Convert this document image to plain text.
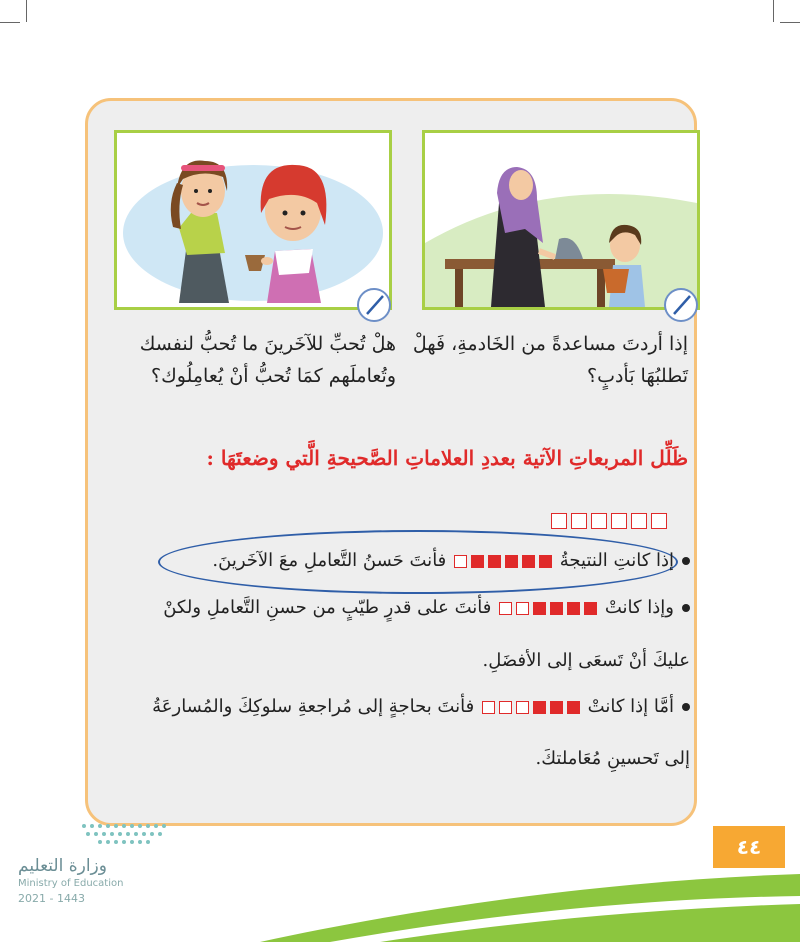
هلْ تُحبِّ للآخَرينَ ما تُحبُّ لنفسك
وتُعاملَهم كمَا تُحبُّ أنْ يُعامِلُوك؟
إذا أردتَ مساعدةً من الخَادمةِ، فَهلْ
تَطلبُهَا بَأدبٍ؟
ظَلِّل المربعاتِ الآتية بعددِ العلاماتِ الصَّحيحةِ الَّتي وضعتَهَا :
إذا كانتِ النتيجةُ  فأنتَ حَسنُ التَّعاملِ معَ الآخَرينَ.
وإذا كانتْ  فأنتَ على قدرٍ طيّبٍ من حسنِ التَّعاملِ ولكنْ
عليكَ أنْ تَسعَى إلى الأفضَلِ.
أمَّا إذا كانتْ  فأنتَ بحاجةٍ إلى مُراجعةِ سلوكِكَ والمُسارعَةُ
إلى تَحسينِ مُعَاملتكَ.
وزارة التعليم
Ministry of Education
2021 - 1443
٤٤
